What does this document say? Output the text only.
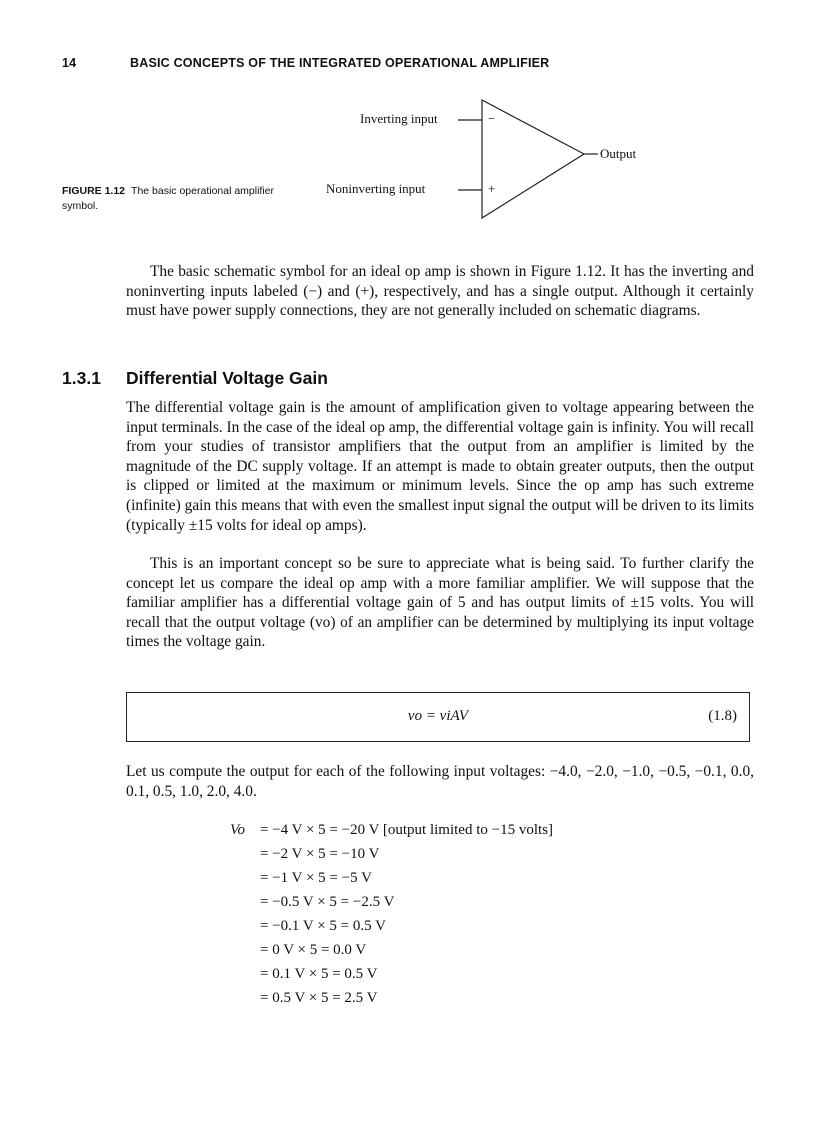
14	BASIC CONCEPTS OF THE INTEGRATED OPERATIONAL AMPLIFIER
Inverting input	−
Output
Noninverting input	+
FIGURE 1.12 The basic operational amplifier symbol.

The basic schematic symbol for an ideal op amp is shown in Figure 1.12. It has the inverting and noninverting inputs labeled (−) and (+), respectively, and has a single output. Although it certainly must have power supply connections, they are not generally included on schematic diagrams.

1.3.1 Differential Voltage Gain

The differential voltage gain is the amount of amplification given to voltage appearing between the input terminals. In the case of the ideal op amp, the differential voltage gain is infinity. You will recall from your studies of transistor amplifiers that the output from an amplifier is limited by the magnitude of the DC supply voltage. If an attempt is made to obtain greater outputs, then the output is clipped or limited at the maximum or minimum levels. Since the op amp has such extreme (infinite) gain this means that with even the smallest input signal the output will be driven to its limits (typically ±15 volts for ideal op amps).

This is an important concept so be sure to appreciate what is being said. To further clarify the concept let us compare the ideal op amp with a more familiar amplifier. We will suppose that the familiar amplifier has a differential voltage gain of 5 and has output limits of ±15 volts. You will recall that the output voltage (vo) of an amplifier can be determined by multiplying its input voltage times the voltage gain.

vo = viAV	(1.8)

Let us compute the output for each of the following input voltages: −4.0, −2.0, −1.0, −0.5, −0.1, 0.0, 0.1, 0.5, 1.0, 2.0, 4.0.

Vo = −4 V × 5 = −20 V [output limited to −15 volts]
= −2 V × 5 = −10 V
= −1 V × 5 = −5 V
= −0.5 V × 5 = −2.5 V
= −0.1 V × 5 = 0.5 V
= 0 V × 5 = 0.0 V
= 0.1 V × 5 = 0.5 V
= 0.5 V × 5 = 2.5 V
